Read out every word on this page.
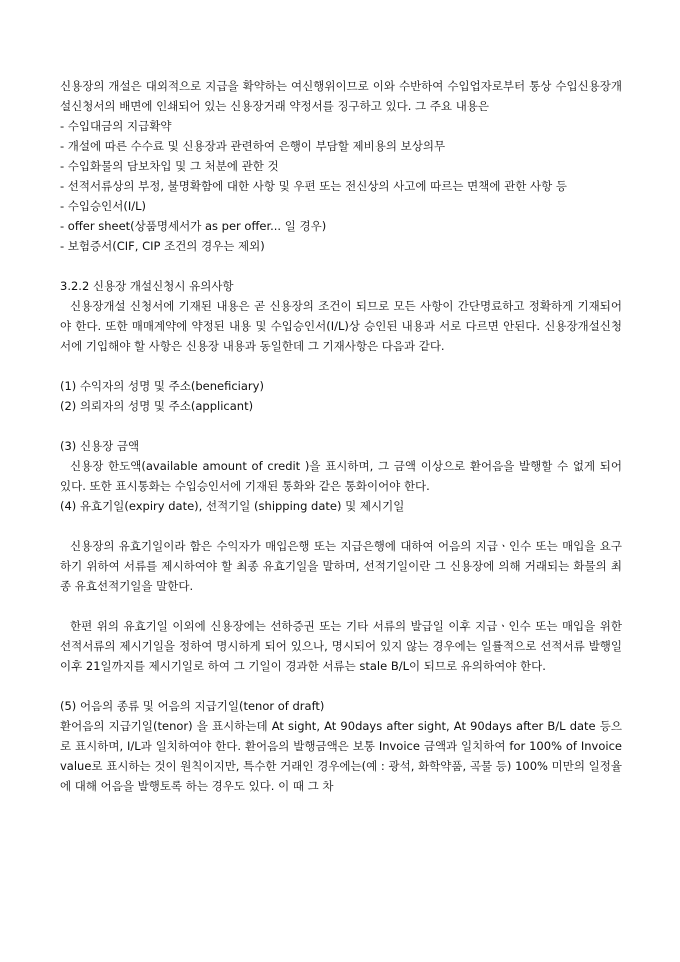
신용장의 개설은 대외적으로 지급을 확약하는 여신행위이므로 이와 수반하여 수입업자로부터 통상 수입신용장개설신청서의 배면에 인쇄되어 있는 신용장거래 약정서를 징구하고 있다. 그 주요 내용은

- 수입대금의 지급확약

- 개설에 따른 수수료 및 신용장과 관련하여 은행이 부담할 제비용의 보상의무

- 수입화물의 담보차입 및 그 처분에 관한 것

- 선적서류상의 부정, 불명확함에 대한 사항 및 우편 또는 전신상의 사고에 따르는 면책에 관한 사항 등

- 수입승인서(I/L)

- offer sheet(상품명세서가 as per offer... 일 경우)

- 보험증서(CIF, CIP 조건의 경우는 제외)

3.2.2 신용장 개설신청시 유의사항

신용장개설 신청서에 기재된 내용은 곧 신용장의 조건이 되므로 모든 사항이 간단명료하고 정확하게 기재되어야 한다. 또한 매매계약에 약정된 내용 및 수입승인서(I/L)상 승인된 내용과 서로 다르면 안된다. 신용장개설신청서에 기입해야 할 사항은 신용장 내용과 동일한데 그 기재사항은 다음과 같다.

(1) 수익자의 성명 및 주소(beneficiary)

(2) 의뢰자의 성명 및 주소(applicant)

(3) 신용장 금액

신용장 한도액(available amount of credit )을 표시하며, 그 금액 이상으로 환어음을 발행할 수 없게 되어 있다. 또한 표시통화는 수입승인서에 기재된 통화와 같은 통화이어야 한다.

(4) 유효기일(expiry date), 선적기일 (shipping date) 및 제시기일

신용장의 유효기일이라 함은 수익자가 매입은행 또는 지급은행에 대하여 어음의 지급ㆍ인수 또는 매입을 요구하기 위하여 서류를 제시하여야 할 최종 유효기일을 말하며, 선적기일이란 그 신용장에 의해 거래되는 화물의 최종 유효선적기일을 말한다.

한편 위의 유효기일 이외에 신용장에는 선하증권 또는 기타 서류의 발급일 이후 지급ㆍ인수 또는 매입을 위한 선적서류의 제시기일을 정하여 명시하게 되어 있으나, 명시되어 있지 않는 경우에는 일률적으로 선적서류 발행일 이후 21일까지를 제시기일로 하여 그 기일이 경과한 서류는 stale B/L이 되므로 유의하여야 한다.

(5) 어음의 종류 및 어음의 지급기일(tenor of draft)

환어음의 지급기일(tenor) 을 표시하는데 At sight, At 90days after sight, At 90days after B/L date 등으로 표시하며, I/L과 일치하여야 한다. 환어음의 발행금액은 보통 Invoice 금액과 일치하여 for 100% of Invoice value로 표시하는 것이 원칙이지만, 특수한 거래인 경우에는(예 : 광석, 화학약품, 곡물 등) 100% 미만의 일정율에 대해 어음을 발행토록 하는 경우도 있다. 이 때 그 차
